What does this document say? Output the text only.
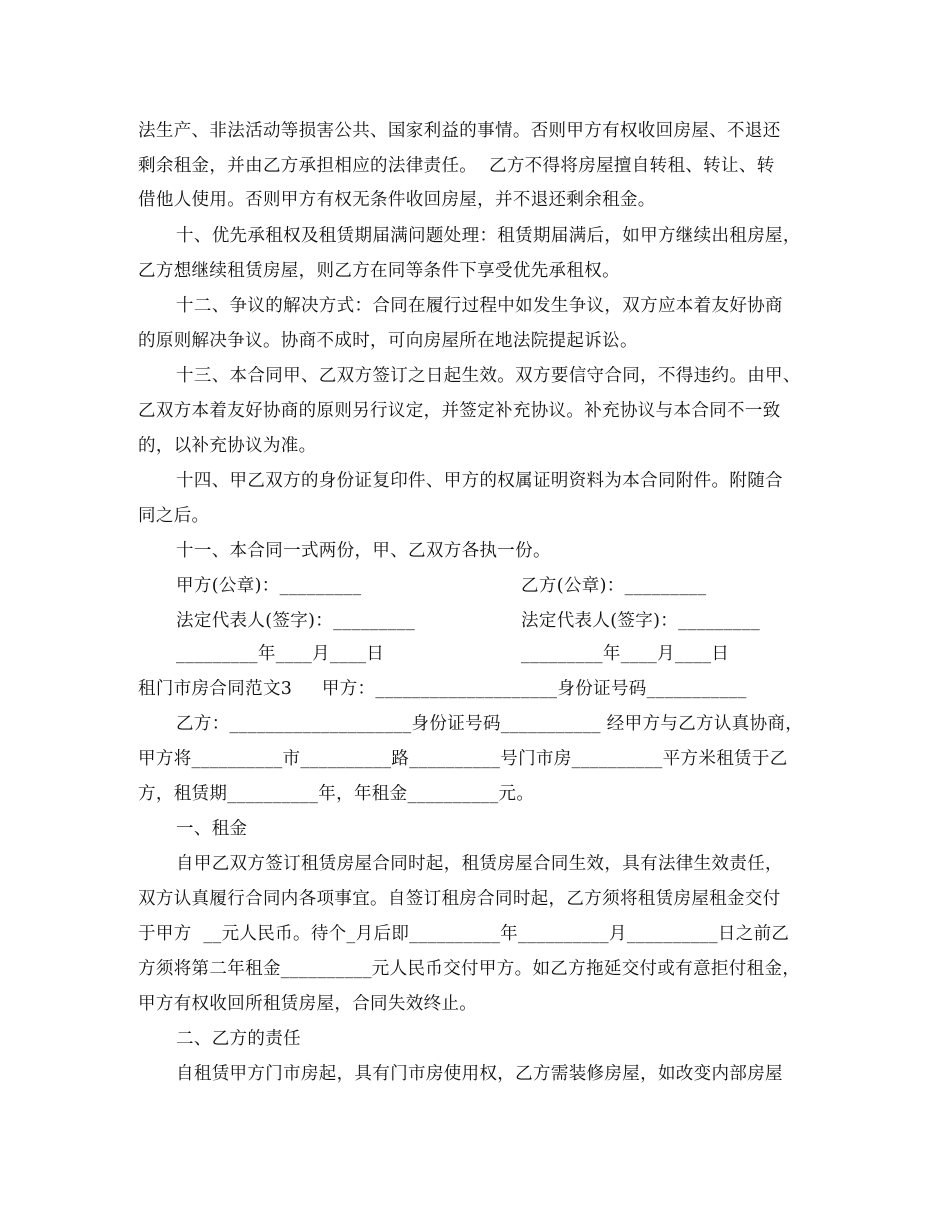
法生产、非法活动等损害公共、国家利益的事情。否则甲方有权收回房屋、不退还
剩余租金，并由乙方承担相应的法律责任。  乙方不得将房屋擅自转租、转让、转
借他人使用。否则甲方有权无条件收回房屋，并不退还剩余租金。
十、优先承租权及租赁期届满问题处理：租赁期届满后，如甲方继续出租房屋，
乙方想继续租赁房屋，则乙方在同等条件下享受优先承租权。
十二、争议的解决方式：合同在履行过程中如发生争议，双方应本着友好协商
的原则解决争议。协商不成时，可向房屋所在地法院提起诉讼。
十三、本合同甲、乙双方签订之日起生效。双方要信守合同，不得违约。由甲、
乙双方本着友好协商的原则另行议定，并签定补充协议。补充协议与本合同不一致
的，以补充协议为准。
十四、甲乙双方的身份证复印件、甲方的权属证明资料为本合同附件。附随合
同之后。
十一、本合同一式两份，甲、乙双方各执一份。
甲方(公章)：_________	乙方(公章)：_________
法定代表人(签字)：_________	法定代表人(签字)：_________
_________年____月____日	_________年____月____日
租门市房合同范文3     甲方：____________________身份证号码___________
乙方：____________________身份证号码___________ 经甲方与乙方认真协商，
甲方将__________市__________路__________号门市房__________平方米租赁于乙
方，租赁期__________年，年租金__________元。
一、租金
自甲乙双方签订租赁房屋合同时起，租赁房屋合同生效，具有法律生效责任，
双方认真履行合同内各项事宜。自签订租房合同时起，乙方须将租赁房屋租金交付
于甲方  __元人民币。待个_月后即__________年__________月__________日之前乙
方须将第二年租金__________元人民币交付甲方。如乙方拖延交付或有意拒付租金，
甲方有权收回所租赁房屋，合同失效终止。
二、乙方的责任
自租赁甲方门市房起，具有门市房使用权，乙方需装修房屋，如改变内部房屋
